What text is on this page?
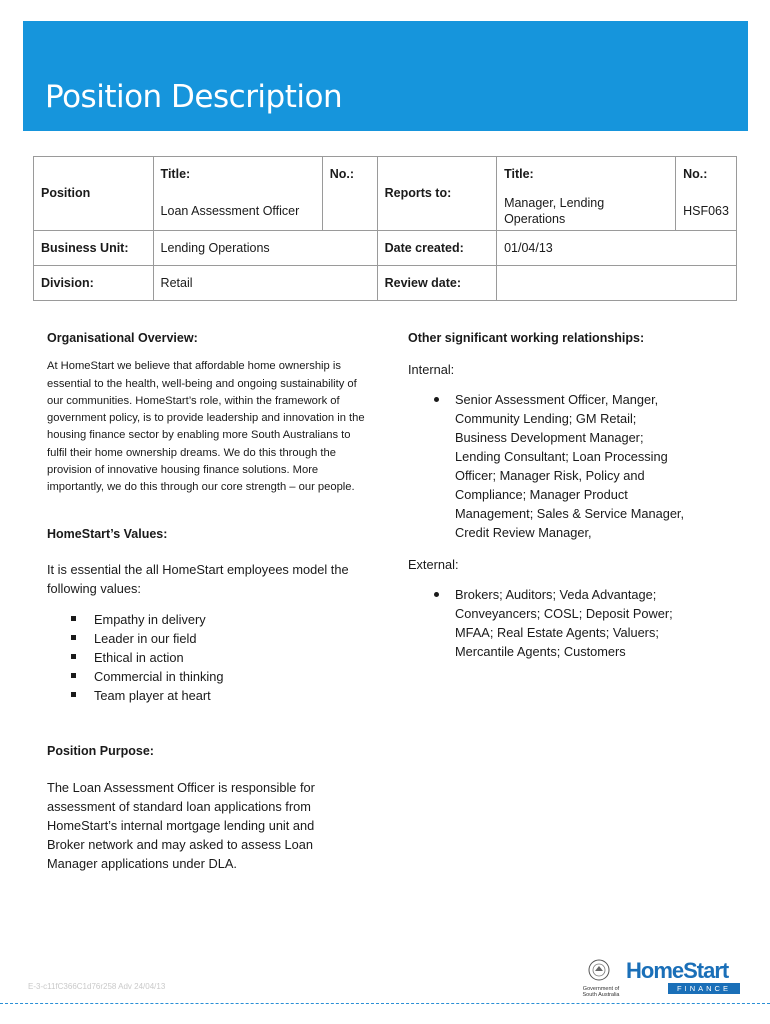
Position Description
Position	Title:	No.:	Reports to:	Title:	No.:
	Loan Assessment Officer			Manager, Lending Operations	HSF063
Business Unit:	Lending Operations		Date created:	01/04/13	
Division:	Retail		Review date:		

Organisational Overview:

At HomeStart we believe that affordable home ownership is essential to the health, well-being and ongoing sustainability of our communities. HomeStart’s role, within the framework of government policy, is to provide leadership and innovation in the housing finance sector by enabling more South Australians to fulfil their home ownership dreams. We do this through the provision of innovative housing finance solutions. More importantly, we do this through our core strength – our people.

HomeStart’s Values:

It is essential the all HomeStart employees model the following values:

Empathy in delivery
Leader in our field
Ethical in action
Commercial in thinking
Team player at heart

Position Purpose:

The Loan Assessment Officer is responsible for assessment of standard loan applications from HomeStart’s internal mortgage lending unit and Broker network and may asked to assess Loan Manager applications under DLA.

Other significant working relationships:

Internal:

Senior Assessment Officer, Manger, Community Lending; GM Retail; Business Development Manager; Lending Consultant; Loan Processing Officer; Manager Risk, Policy and Compliance; Manager Product Management; Sales & Service Manager, Credit Review Manager,

External:

Brokers; Auditors; Veda Advantage; Conveyancers; COSL; Deposit Power; MFAA; Real Estate Agents; Valuers; Mercantile Agents; Customers
E-3-c11fC366C1d76r258 Adv 24/04/13	Government of South Australia
HomeStart
FINANCE
